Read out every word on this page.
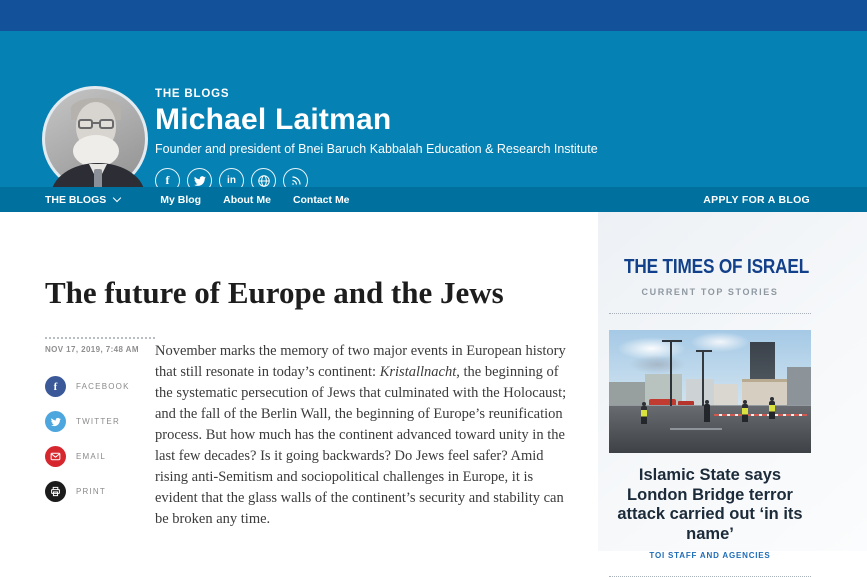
THE BLOGS
Michael Laitman
Founder and president of Bnei Baruch Kabbalah Education & Research Institute
f	in
THE BLOGS	My Blog About Me Contact Me	APPLY FOR A BLOG
The future of Europe and the Jews
NOV 17, 2019, 7:48 AM
f	FACEBOOK
TWITTER
EMAIL
PRINT
November marks the memory of two major events in European history that still resonate in today’s continent: Kristallnacht, the beginning of the systematic persecution of Jews that culminated with the Holocaust; and the fall of the Berlin Wall, the beginning of Europe’s reunification process. But how much has the continent advanced toward unity in the last few decades? Is it going backwards? Do Jews feel safer? Amid rising anti-Semitism and sociopolitical challenges in Europe, it is evident that the glass walls of the continent’s security and stability can be broken any time.
THE TIMES OF ISRAEL
CURRENT TOP STORIES
Islamic State says London Bridge terror attack carried out ‘in its name’
TOI STAFF AND AGENCIES
